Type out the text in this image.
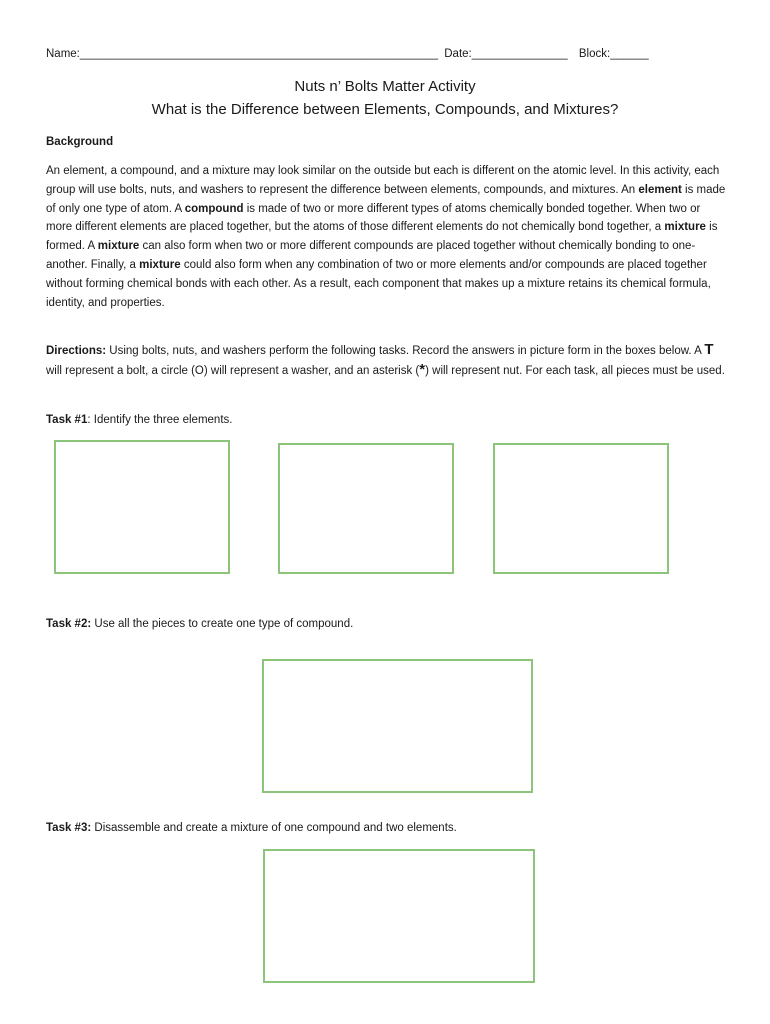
Name:________________________________________________________ Date:_______________ Block:______
Nuts n’ Bolts Matter Activity
What is the Difference between Elements, Compounds, and Mixtures?
Background
An element, a compound, and a mixture may look similar on the outside but each is different on the atomic level. In this activity, each group will use bolts, nuts, and washers to represent the difference between elements, compounds, and mixtures. An element is made of only one type of atom. A compound is made of two or more different types of atoms chemically bonded together. When two or more different elements are placed together, but the atoms of those different elements do not chemically bond together, a mixture is formed. A mixture can also form when two or more different compounds are placed together without chemically bonding to one-another. Finally, a mixture could also form when any combination of two or more elements and/or compounds are placed together without forming chemical bonds with each other. As a result, each component that makes up a mixture retains its chemical formula, identity, and properties.
Directions: Using bolts, nuts, and washers perform the following tasks. Record the answers in picture form in the boxes below. A T will represent a bolt, a circle (O) will represent a washer, and an asterisk (*) will represent nut. For each task, all pieces must be used.
Task #1: Identify the three elements.
Task #2: Use all the pieces to create one type of compound.
Task #3: Disassemble and create a mixture of one compound and two elements.
